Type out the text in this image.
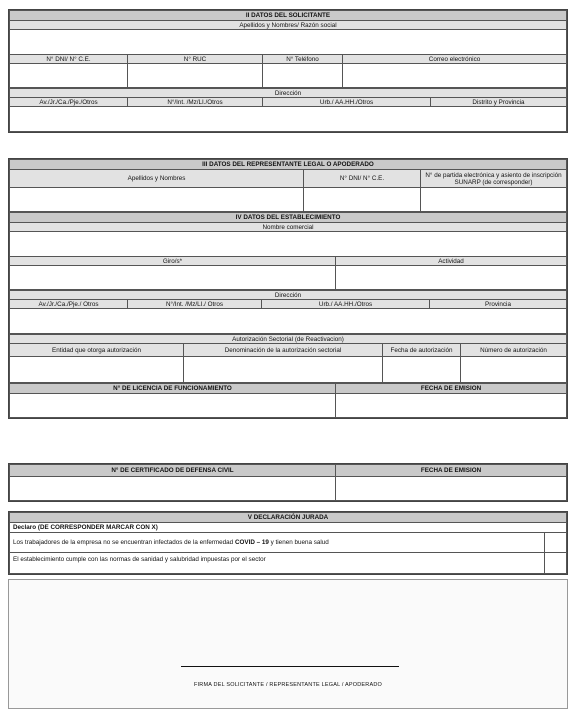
II DATOS DEL SOLICITANTE			
Apellidos y Nombres/ Razón social			

N° DNI/ N° C.E.	N° RUC	N° Teléfono	Correo electrónico

Dirección
Av./Jr./Ca./Pje./Otros	N°/Int. /Mz/LI./Otros	Urb./ AA.HH./Otros	Distrito y Provincia

III DATOS DEL REPRESENTANTE LEGAL O APODERADO		
Apellidos y Nombres	N° DNI/ N° C.E.	N° de partida electrónica y asiento de inscripción SUNARP (de corresponder)

IV DATOS DEL ESTABLECIMIENTO	
Nombre comercial	

Giro/s*	Actividad

Dirección
Av./Jr./Ca./Pje./ Otros	N°/Int. /Mz/LI./ Otros	Urb./ AA.HH./Otros	Provincia

Autorización Sectorial (de Reactivacion)			
Entidad que otorga autorización	Denominación de la autorización sectorial	Fecha de autorización	Número de autorización

N° DE LICENCIA DE FUNCIONAMIENTO	FECHA DE EMISION

N° DE CERTIFICADO DE DEFENSA CIVIL	FECHA DE EMISION

V DECLARACIÓN JURADA	
Declaro (DE CORRESPONDER MARCAR CON X)	
Los trabajadores de la empresa no se encuentran infectados de la enfermedad COVID – 19 y tienen buena salud	
El establecimiento cumple con las normas de sanidad y salubridad impuestas por el sector	
FIRMA DEL SOLICITANTE / REPRESENTANTE LEGAL / APODERADO
